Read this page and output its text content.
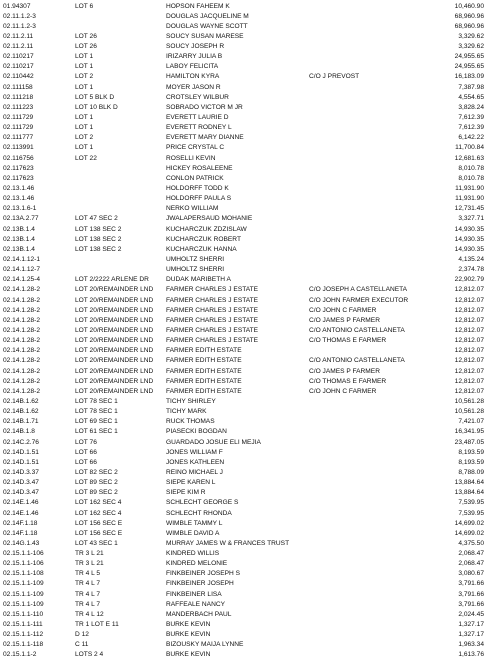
01.94307	LOT 6	HOPSON FAHEEM K	10,460.90
02.11.1.2-3	DOUGLAS JACQUELINE M	68,960.96
02.11.1.2-3	DOUGLAS WAYNE SCOTT	68,960.96
02.11.2.11	LOT 26	SOUCY SUSAN MARESE	3,329.62
02.11.2.11	LOT 26	SOUCY JOSEPH R	3,329.62
02.110217	LOT 1	IRIZARRY JULIA B	24,955.65
02.110217	LOT 1	LABOY FELICITA	24,955.65
02.110442	LOT 2	HAMILTON KYRA	C/O J PREVOST	16,183.09
02.111158	LOT 1	MOYER JASON R	7,387.98
02.111218	LOT 5 BLK D	CROTSLEY WILBUR	4,554.65
02.111223	LOT 10 BLK D	SOBRADO VICTOR M JR	3,828.24
02.111729	LOT 1	EVERETT LAURIE D	7,612.39
02.111729	LOT 1	EVERETT RODNEY L	7,612.39
02.111777	LOT 2	EVERETT MARY DIANNE	6,142.22
02.113991	LOT 1	PRICE CRYSTAL C	11,700.84
02.116756	LOT 22	ROSELLI KEVIN	12,681.63
02.117623	HICKEY ROSALEENE	8,010.78
02.117623	CONLON PATRICK	8,010.78
02.13.1.46	HOLDORFF TODD K	11,931.90
02.13.1.46	HOLDORFF PAULA S	11,931.90
02.13.1.6-1	NERKO WILLIAM	12,731.45
02.13A.2.77	LOT 47 SEC 2	JWALAPERSAUD MOHANIE	3,327.71
02.13B.1.4	LOT 138 SEC 2	KUCHARCZUK ZDZISLAW	14,930.35
02.13B.1.4	LOT 138 SEC 2	KUCHARCZUK ROBERT	14,930.35
02.13B.1.4	LOT 138 SEC 2	KUCHARCZUK HANNA	14,930.35
02.14.1.12-1	UMHOLTZ SHERRI	4,135.24
02.14.1.12-7	UMHOLTZ SHERRI	2,374.78
02.14.1.25-4	LOT 2/2222 ARLENE DR	DUDAK MARIBETH A	22,902.79
02.14.1.28-2	LOT 20/REMAINDER LND	FARMER CHARLES J ESTATE	C/O JOSEPH A CASTELLANETA	12,812.07
02.14.1.28-2	LOT 20/REMAINDER LND	FARMER CHARLES J ESTATE	C/O JOHN FARMER EXECUTOR	12,812.07
02.14.1.28-2	LOT 20/REMAINDER LND	FARMER CHARLES J ESTATE	C/O JOHN C FARMER	12,812.07
02.14.1.28-2	LOT 20/REMAINDER LND	FARMER CHARLES J ESTATE	C/O JAMES P FARMER	12,812.07
02.14.1.28-2	LOT 20/REMAINDER LND	FARMER CHARLES J ESTATE	C/O ANTONIO CASTELLANETA	12,812.07
02.14.1.28-2	LOT 20/REMAINDER LND	FARMER CHARLES J ESTATE	C/O THOMAS E FARMER	12,812.07
02.14.1.28-2	LOT 20/REMAINDER LND	FARMER EDITH ESTATE	12,812.07
02.14.1.28-2	LOT 20/REMAINDER LND	FARMER EDITH ESTATE	C/O ANTONIO CASTELLANETA	12,812.07
02.14.1.28-2	LOT 20/REMAINDER LND	FARMER EDITH ESTATE	C/O JAMES P FARMER	12,812.07
02.14.1.28-2	LOT 20/REMAINDER LND	FARMER EDITH ESTATE	C/O THOMAS E FARMER	12,812.07
02.14.1.28-2	LOT 20/REMAINDER LND	FARMER EDITH ESTATE	C/O JOHN C FARMER	12,812.07
02.14B.1.62	LOT 78 SEC 1	TICHY SHIRLEY	10,561.28
02.14B.1.62	LOT 78 SEC 1	TICHY MARK	10,561.28
02.14B.1.71	LOT 69 SEC 1	RUCK THOMAS	7,421.07
02.14B.1.8	LOT 61 SEC 1	PIASECKI BOGDAN	16,341.95
02.14C.2.76	LOT 76	GUARDADO JOSUE ELI MEJIA	23,487.05
02.14D.1.51	LOT 66	JONES WILLIAM F	8,193.59
02.14D.1.51	LOT 66	JONES KATHLEEN	8,193.59
02.14D.3.37	LOT 82 SEC 2	REINO MICHAEL J	8,788.09
02.14D.3.47	LOT 89 SEC 2	SIEPE KAREN L	13,884.64
02.14D.3.47	LOT 89 SEC 2	SIEPE KIM R	13,884.64
02.14E.1.46	LOT 162 SEC 4	SCHLECHT GEORGE S	7,539.95
02.14E.1.46	LOT 162 SEC 4	SCHLECHT RHONDA	7,539.95
02.14F.1.18	LOT 156 SEC E	WIMBLE TAMMY L	14,699.02
02.14F.1.18	LOT 156 SEC E	WIMBLE DAVID A	14,699.02
02.14G.1.43	LOT 43 SEC 1	MURRAY JAMES W & FRANCES TRUST	4,375.50
02.15.1.1-106	TR 3 L 21	KINDRED WILLIS	2,068.47
02.15.1.1-106	TR 3 L 21	KINDRED MELONIE	2,068.47
02.15.1.1-108	TR 4 L 5	FINKBEINER JOSEPH S	3,080.67
02.15.1.1-109	TR 4 L 7	FINKBEINER JOSEPH	3,791.66
02.15.1.1-109	TR 4 L 7	FINKBEINER LISA	3,791.66
02.15.1.1-109	TR 4 L 7	RAFFEALE NANCY	3,791.66
02.15.1.1-110	TR 4 L 12	MANDERBACH PAUL	2,024.45
02.15.1.1-111	TR 1 LOT E 11	BURKE KEVIN	1,327.17
02.15.1.1-112	D 12	BURKE KEVIN	1,327.17
02.15.1.1-118	C 11	BIZOUSKY MAIJA LYNNE	1,963.34
02.15.1.1-2	LOTS 2 4	BURKE KEVIN	1,613.76
